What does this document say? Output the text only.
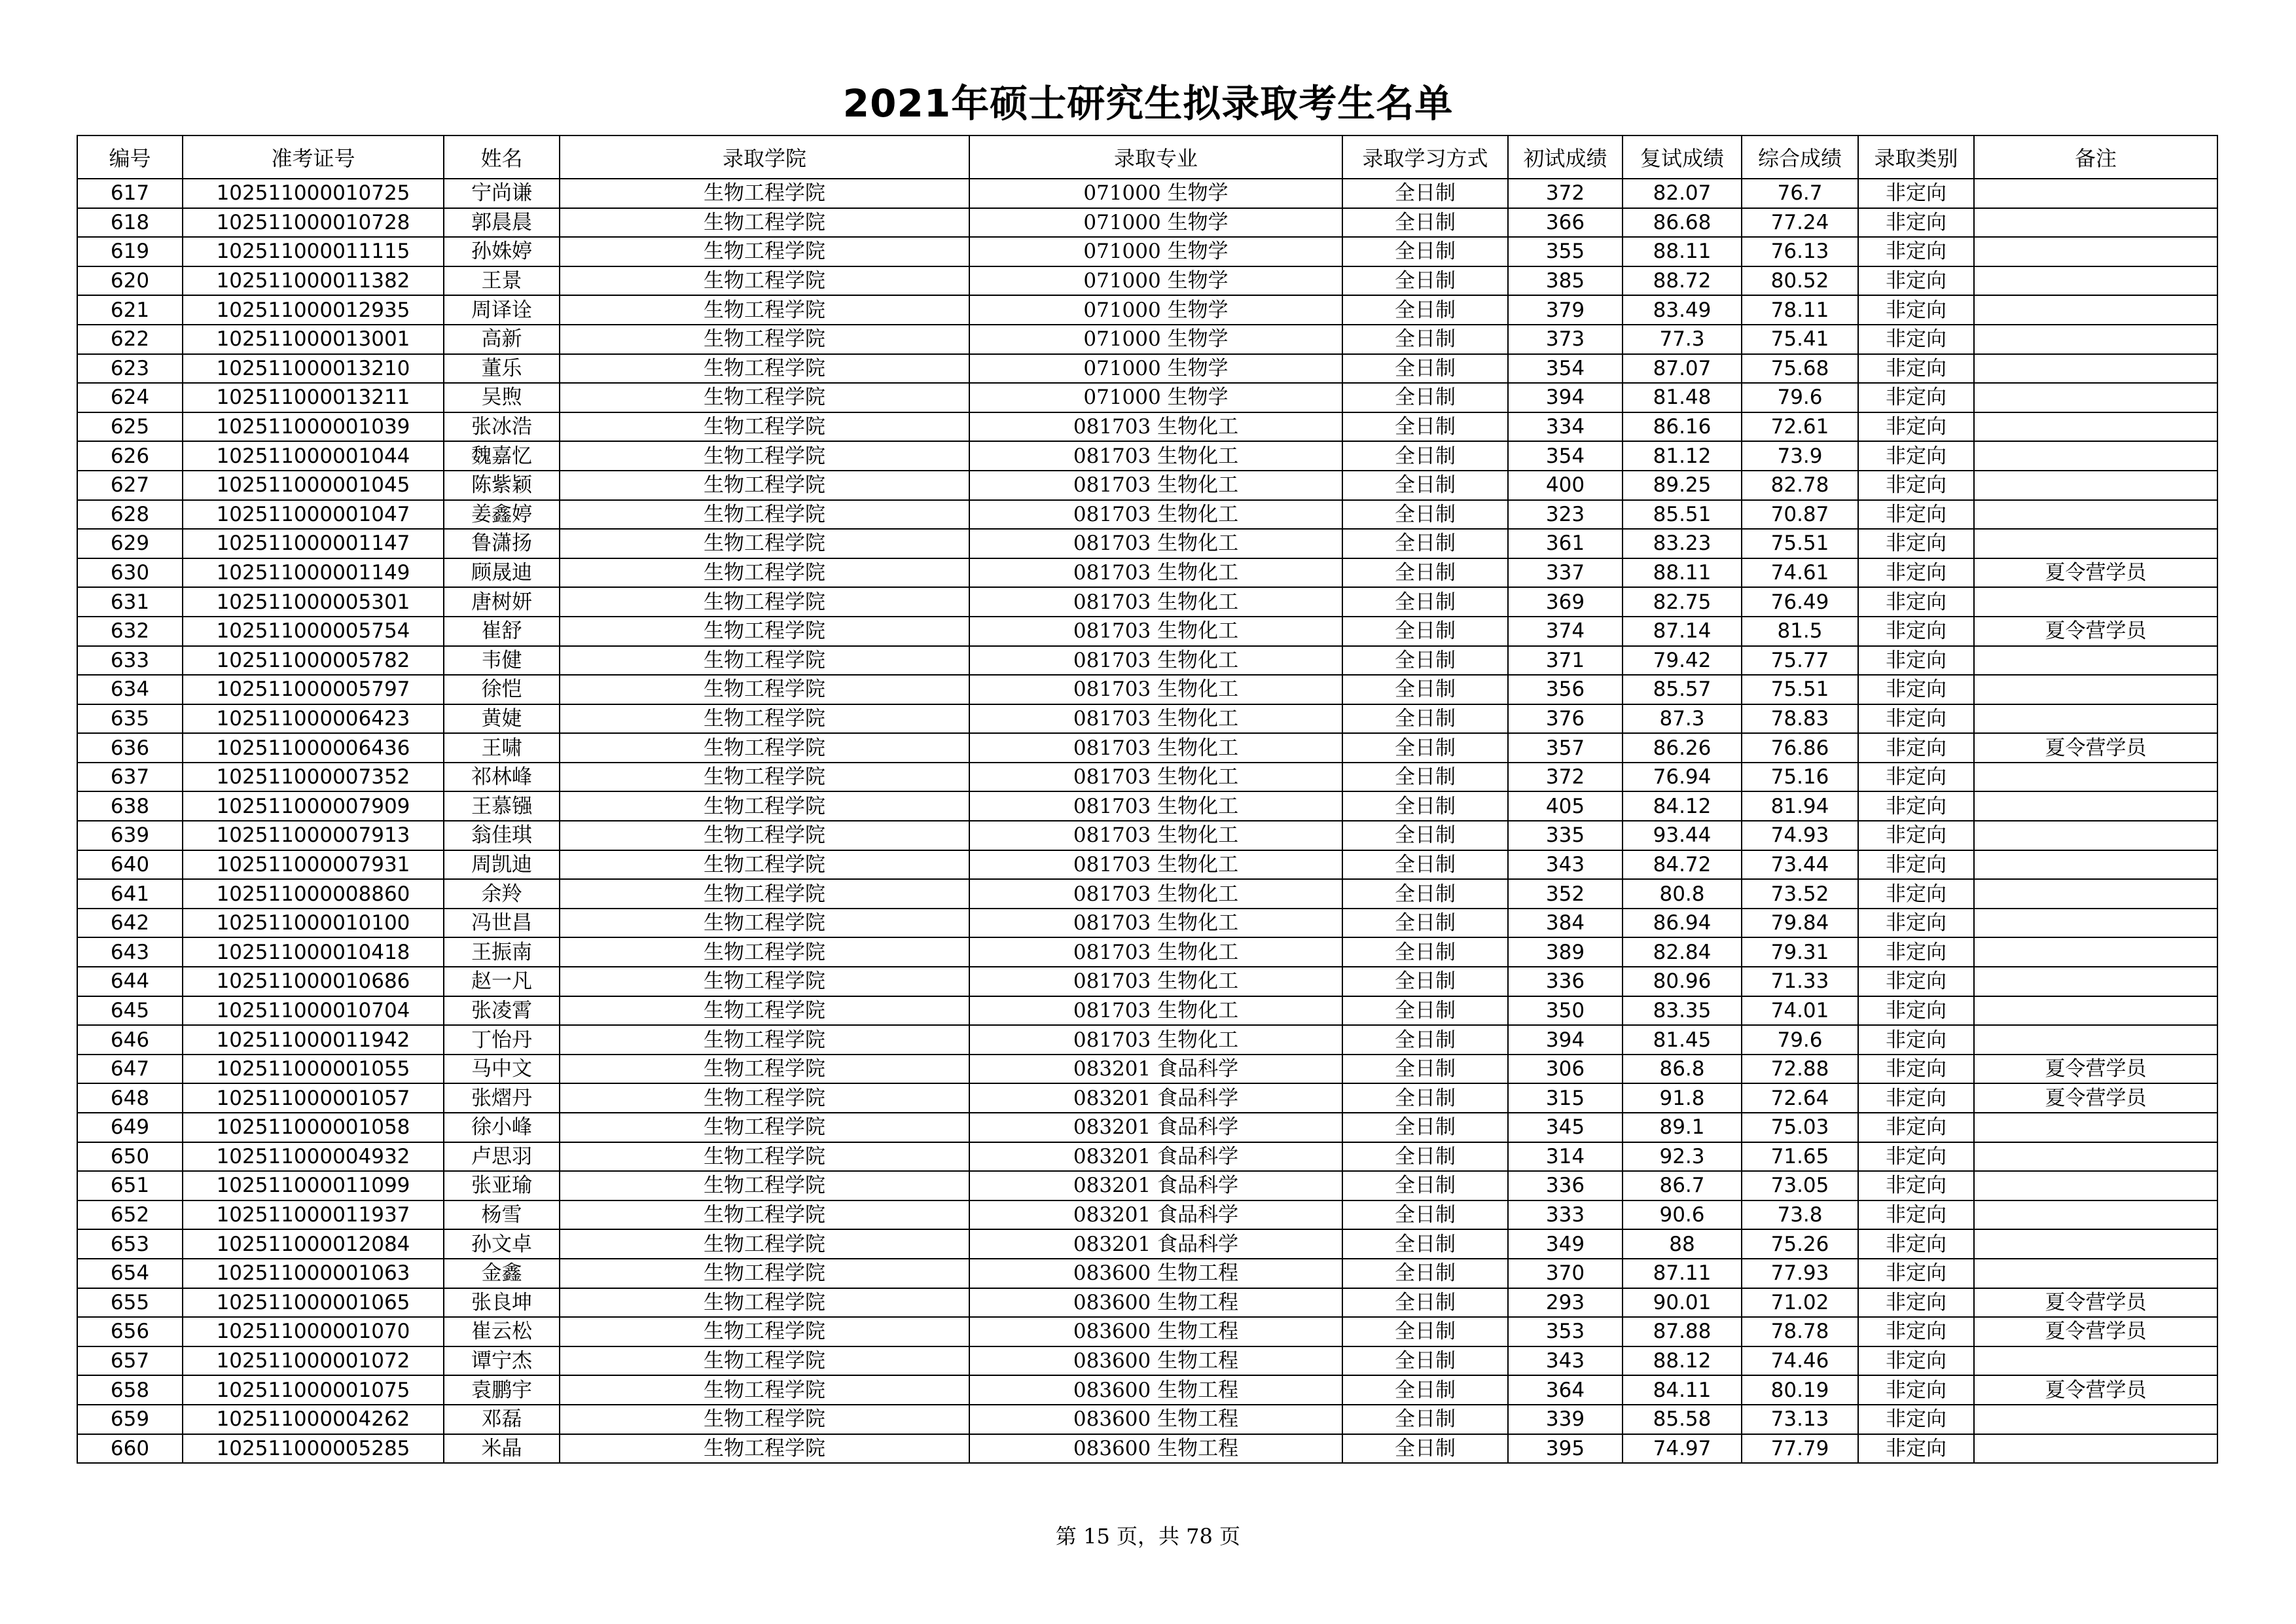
2021年硕士研究生拟录取考生名单
编号	准考证号	姓名	录取学院	录取专业	录取学习方式	初试成绩	复试成绩	综合成绩	录取类别	备注
617	102511000010725	宁尚谦	生物工程学院	071000 生物学	全日制	372	82.07	76.7	非定向	
618	102511000010728	郭晨晨	生物工程学院	071000 生物学	全日制	366	86.68	77.24	非定向	
619	102511000011115	孙姝婷	生物工程学院	071000 生物学	全日制	355	88.11	76.13	非定向	
620	102511000011382	王景	生物工程学院	071000 生物学	全日制	385	88.72	80.52	非定向	
621	102511000012935	周译诠	生物工程学院	071000 生物学	全日制	379	83.49	78.11	非定向	
622	102511000013001	高新	生物工程学院	071000 生物学	全日制	373	77.3	75.41	非定向	
623	102511000013210	董乐	生物工程学院	071000 生物学	全日制	354	87.07	75.68	非定向	
624	102511000013211	吴煦	生物工程学院	071000 生物学	全日制	394	81.48	79.6	非定向	
625	102511000001039	张冰浩	生物工程学院	081703 生物化工	全日制	334	86.16	72.61	非定向	
626	102511000001044	魏嘉忆	生物工程学院	081703 生物化工	全日制	354	81.12	73.9	非定向	
627	102511000001045	陈紫颖	生物工程学院	081703 生物化工	全日制	400	89.25	82.78	非定向	
628	102511000001047	姜鑫婷	生物工程学院	081703 生物化工	全日制	323	85.51	70.87	非定向	
629	102511000001147	鲁潇扬	生物工程学院	081703 生物化工	全日制	361	83.23	75.51	非定向	
630	102511000001149	顾晟迪	生物工程学院	081703 生物化工	全日制	337	88.11	74.61	非定向	夏令营学员
631	102511000005301	唐树妍	生物工程学院	081703 生物化工	全日制	369	82.75	76.49	非定向	
632	102511000005754	崔舒	生物工程学院	081703 生物化工	全日制	374	87.14	81.5	非定向	夏令营学员
633	102511000005782	韦健	生物工程学院	081703 生物化工	全日制	371	79.42	75.77	非定向	
634	102511000005797	徐恺	生物工程学院	081703 生物化工	全日制	356	85.57	75.51	非定向	
635	102511000006423	黄婕	生物工程学院	081703 生物化工	全日制	376	87.3	78.83	非定向	
636	102511000006436	王啸	生物工程学院	081703 生物化工	全日制	357	86.26	76.86	非定向	夏令营学员
637	102511000007352	祁林峰	生物工程学院	081703 生物化工	全日制	372	76.94	75.16	非定向	
638	102511000007909	王慕镪	生物工程学院	081703 生物化工	全日制	405	84.12	81.94	非定向	
639	102511000007913	翁佳琪	生物工程学院	081703 生物化工	全日制	335	93.44	74.93	非定向	
640	102511000007931	周凯迪	生物工程学院	081703 生物化工	全日制	343	84.72	73.44	非定向	
641	102511000008860	余羚	生物工程学院	081703 生物化工	全日制	352	80.8	73.52	非定向	
642	102511000010100	冯世昌	生物工程学院	081703 生物化工	全日制	384	86.94	79.84	非定向	
643	102511000010418	王振南	生物工程学院	081703 生物化工	全日制	389	82.84	79.31	非定向	
644	102511000010686	赵一凡	生物工程学院	081703 生物化工	全日制	336	80.96	71.33	非定向	
645	102511000010704	张凌霄	生物工程学院	081703 生物化工	全日制	350	83.35	74.01	非定向	
646	102511000011942	丁怡丹	生物工程学院	081703 生物化工	全日制	394	81.45	79.6	非定向	
647	102511000001055	马中文	生物工程学院	083201 食品科学	全日制	306	86.8	72.88	非定向	夏令营学员
648	102511000001057	张熠丹	生物工程学院	083201 食品科学	全日制	315	91.8	72.64	非定向	夏令营学员
649	102511000001058	徐小峰	生物工程学院	083201 食品科学	全日制	345	89.1	75.03	非定向	
650	102511000004932	卢思羽	生物工程学院	083201 食品科学	全日制	314	92.3	71.65	非定向	
651	102511000011099	张亚瑜	生物工程学院	083201 食品科学	全日制	336	86.7	73.05	非定向	
652	102511000011937	杨雪	生物工程学院	083201 食品科学	全日制	333	90.6	73.8	非定向	
653	102511000012084	孙文卓	生物工程学院	083201 食品科学	全日制	349	88	75.26	非定向	
654	102511000001063	金鑫	生物工程学院	083600 生物工程	全日制	370	87.11	77.93	非定向	
655	102511000001065	张良坤	生物工程学院	083600 生物工程	全日制	293	90.01	71.02	非定向	夏令营学员
656	102511000001070	崔云松	生物工程学院	083600 生物工程	全日制	353	87.88	78.78	非定向	夏令营学员
657	102511000001072	谭宁杰	生物工程学院	083600 生物工程	全日制	343	88.12	74.46	非定向	
658	102511000001075	袁鹏宇	生物工程学院	083600 生物工程	全日制	364	84.11	80.19	非定向	夏令营学员
659	102511000004262	邓磊	生物工程学院	083600 生物工程	全日制	339	85.58	73.13	非定向	
660	102511000005285	米晶	生物工程学院	083600 生物工程	全日制	395	74.97	77.79	非定向	
第 15 页，共 78 页
